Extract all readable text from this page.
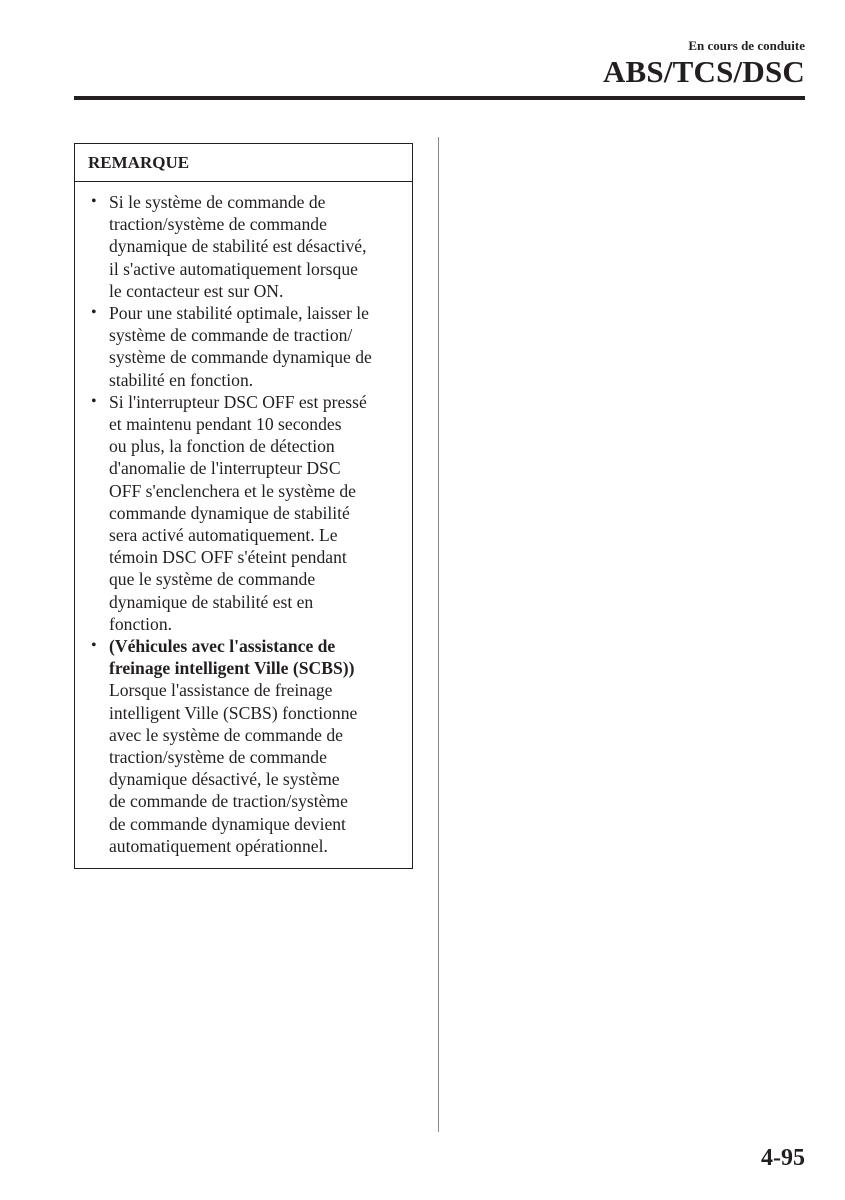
En cours de conduite
ABS/TCS/DSC
REMARQUE
• Si le système de commande de
traction/système de commande
dynamique de stabilité est désactivé,
il s'active automatiquement lorsque
le contacteur est sur ON.
• Pour une stabilité optimale, laisser le
système de commande de traction/
système de commande dynamique de
stabilité en fonction.
• Si l'interrupteur DSC OFF est pressé
et maintenu pendant 10 secondes
ou plus, la fonction de détection
d'anomalie de l'interrupteur DSC
OFF s'enclenchera et le système de
commande dynamique de stabilité
sera activé automatiquement. Le
témoin DSC OFF s'éteint pendant
que le système de commande
dynamique de stabilité est en
fonction.
• (Véhicules avec l'assistance de
freinage intelligent Ville (SCBS))
Lorsque l'assistance de freinage
intelligent Ville (SCBS) fonctionne
avec le système de commande de
traction/système de commande
dynamique désactivé, le système
de commande de traction/système
de commande dynamique devient
automatiquement opérationnel.
4-95
